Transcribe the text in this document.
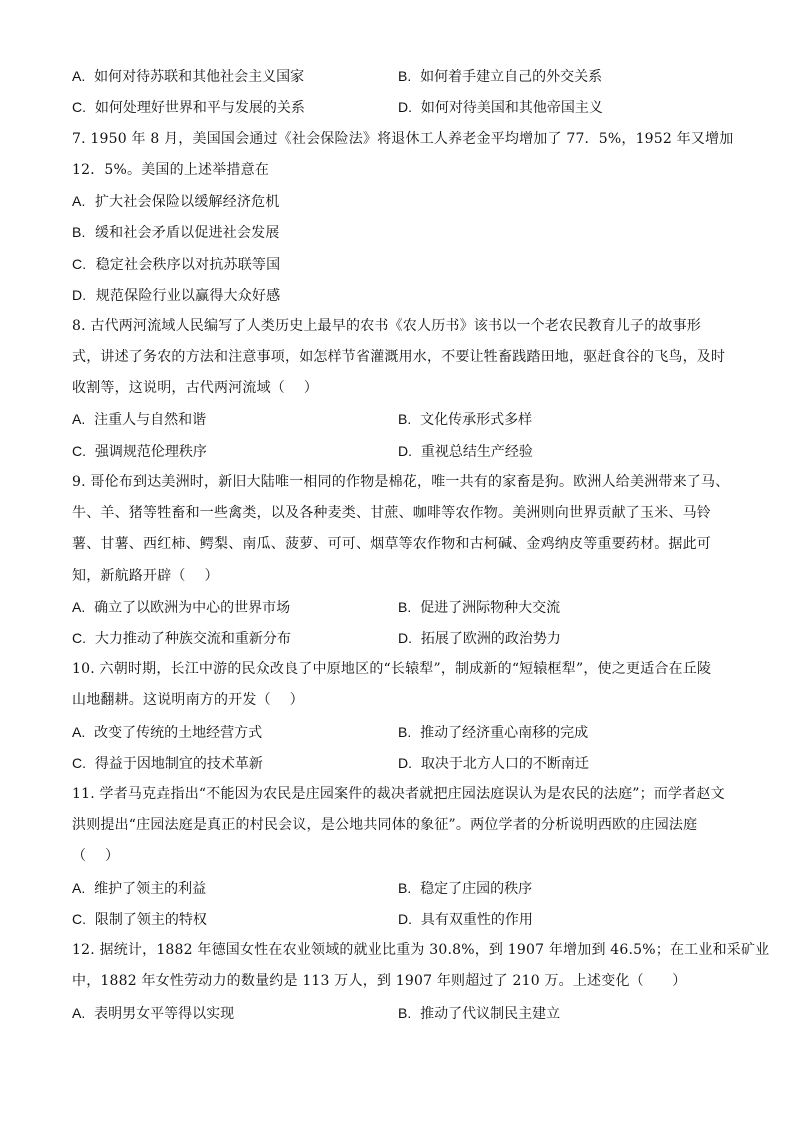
A. 如何对待苏联和其他社会主义国家	B. 如何着手建立自己的外交关系
C. 如何处理好世界和平与发展的关系	D. 如何对待美国和其他帝国主义
7. 1950 年 8 月，美国国会通过《社会保险法》将退休工人养老金平均增加了 77．5%，1952 年又增加
12．5%。美国的上述举措意在
A. 扩大社会保险以缓解经济危机
B. 缓和社会矛盾以促进社会发展
C. 稳定社会秩序以对抗苏联等国
D. 规范保险行业以赢得大众好感
8. 古代两河流域人民编写了人类历史上最早的农书《农人历书》该书以一个老农民教育儿子的故事形
式，讲述了务农的方法和注意事项，如怎样节省灌溉用水，不要让牲畜践踏田地，驱赶食谷的飞鸟，及时
收割等，这说明，古代两河流域（　 ）
A. 注重人与自然和谐	B. 文化传承形式多样
C. 强调规范伦理秩序	D. 重视总结生产经验
9. 哥伦布到达美洲时，新旧大陆唯一相同的作物是棉花，唯一共有的家畜是狗。欧洲人给美洲带来了马、
牛、羊、猪等牲畜和一些禽类，以及各种麦类、甘蔗、咖啡等农作物。美洲则向世界贡献了玉米、马铃
薯、甘薯、西红柿、鳄梨、南瓜、菠萝、可可、烟草等农作物和古柯碱、金鸡纳皮等重要药材。据此可
知，新航路开辟（　 ）
A. 确立了以欧洲为中心的世界市场	B. 促进了洲际物种大交流
C. 大力推动了种族交流和重新分布	D. 拓展了欧洲的政治势力
10. 六朝时期，长江中游的民众改良了中原地区的“长辕犁”，制成新的“短辕框犁”，使之更适合在丘陵
山地翻耕。这说明南方的开发（　 ）
A. 改变了传统的土地经营方式	B. 推动了经济重心南移的完成
C. 得益于因地制宜的技术革新	D. 取决于北方人口的不断南迁
11. 学者马克垚指出“不能因为农民是庄园案件的裁决者就把庄园法庭误认为是农民的法庭”；而学者赵文
洪则提出“庄园法庭是真正的村民会议，是公地共同体的象征”。两位学者的分析说明西欧的庄园法庭
（　 ）
A. 维护了领主的利益	B. 稳定了庄园的秩序
C. 限制了领主的特权	D. 具有双重性的作用
12. 据统计，1882 年德国女性在农业领域的就业比重为 30.8%，到 1907 年增加到 46.5%；在工业和采矿业
中，1882 年女性劳动力的数量约是 113 万人，到 1907 年则超过了 210 万。上述变化（　　）
A. 表明男女平等得以实现	B. 推动了代议制民主建立
